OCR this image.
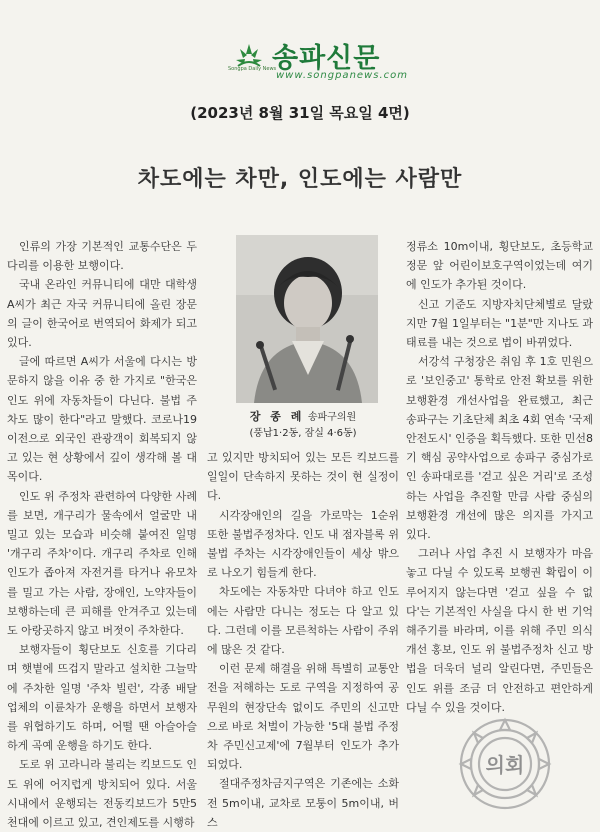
Songpa Daily News
송파신문
www.songpanews.com
(2023년 8월 31일 목요일 4면)
차도에는 차만, 인도에는 사람만

인류의 가장 기본적인 교통수단은 두 다리를 이용한 보행이다.

국내 온라인 커뮤니티에 대만 대학생 A씨가 최근 자국 커뮤니티에 올린 장문의 글이 한국어로 번역되어 화제가 되고 있다.

글에 따르면 A씨가 서울에 다시는 방문하지 않을 이유 중 한 가지로 "한국은 인도 위에 자동차들이 다닌다. 불법 주차도 많이 한다"라고 말했다. 코로나19 이전으로 외국인 관광객이 회복되지 않고 있는 현 상황에서 깊이 생각해 볼 대목이다.

인도 위 주정차 관련하여 다양한 사례를 보면, 개구리가 물속에서 얼굴만 내밀고 있는 모습과 비슷해 붙여진 일명 '개구리 주차'이다. 개구리 주차로 인해 인도가 좁아져 자전거를 타거나 유모차를 밀고 가는 사람, 장애인, 노약자들이 보행하는데 큰 피해를 안겨주고 있는데도 아랑곳하지 않고 버젓이 주차한다.

보행자들이 횡단보도 신호를 기다리며 햇볕에 뜨겁지 말라고 설치한 그늘막에 주차한 일명 '주차 빌런', 각종 배달 업체의 이륜차가 운행을 하면서 보행자를 위협하기도 하며, 어떨 땐 아슬아슬하게 곡예 운행을 하기도 한다.

도로 위 고라니라 불리는 킥보드도 인도 위에 어지럽게 방치되어 있다. 서울 시내에서 운행되는 전동킥보드가 5만5천대에 이르고 있고, 견인제도를 시행하

장 종 례 송파구의원
(풍납1·2동, 잠실 4·6동)

고 있지만 방치되어 있는 모든 킥보드를 일일이 단속하지 못하는 것이 현 실정이다.

시각장애인의 길을 가로막는 1순위 또한 불법주정차다. 인도 내 점자블록 위 불법 주차는 시각장애인들이 세상 밖으로 나오기 힘들게 한다.

차도에는 자동차만 다녀야 하고 인도에는 사람만 다니는 정도는 다 알고 있다. 그런데 이를 모른척하는 사람이 주위에 많은 것 같다.

이런 문제 해결을 위해 특별히 교통안전을 저해하는 도로 구역을 지정하여 공무원의 현장단속 없이도 주민의 신고만으로 바로 처벌이 가능한 '5대 불법 주정차 주민신고제'에 7월부터 인도가 추가되었다.

절대주정차금지구역은 기존에는 소화전 5m이내, 교차로 모퉁이 5m이내, 버스

정류소 10m이내, 횡단보도, 초등학교 정문 앞 어린이보호구역이었는데 여기에 인도가 추가된 것이다.

신고 기준도 지방자치단체별로 달랐지만 7월 1일부터는 "1분"만 지나도 과태료를 내는 것으로 법이 바뀌었다.

서강석 구청장은 취임 후 1호 민원으로 '보인중고' 통학로 안전 확보를 위한 보행환경 개선사업을 완료했고, 최근 송파구는 기초단체 최초 4회 연속 '국제안전도시' 인증을 획득했다. 또한 민선8기 핵심 공약사업으로 송파구 중심가로인 송파대로를 '걷고 싶은 거리'로 조성하는 사업을 추진할 만큼 사람 중심의 보행환경 개선에 많은 의지를 가지고 있다.

그러나 사업 추진 시 보행자가 마음 놓고 다닐 수 있도록 보행권 확립이 이루어지지 않는다면 '걷고 싶을 수 없다'는 기본적인 사실을 다시 한 번 기억해주기를 바라며, 이를 위해 주민 의식 개선 홍보, 인도 위 불법주정차 신고 방법을 더욱더 널리 알린다면, 주민들은 인도 위를 조금 더 안전하고 편안하게 다닐 수 있을 것이다.

의회
